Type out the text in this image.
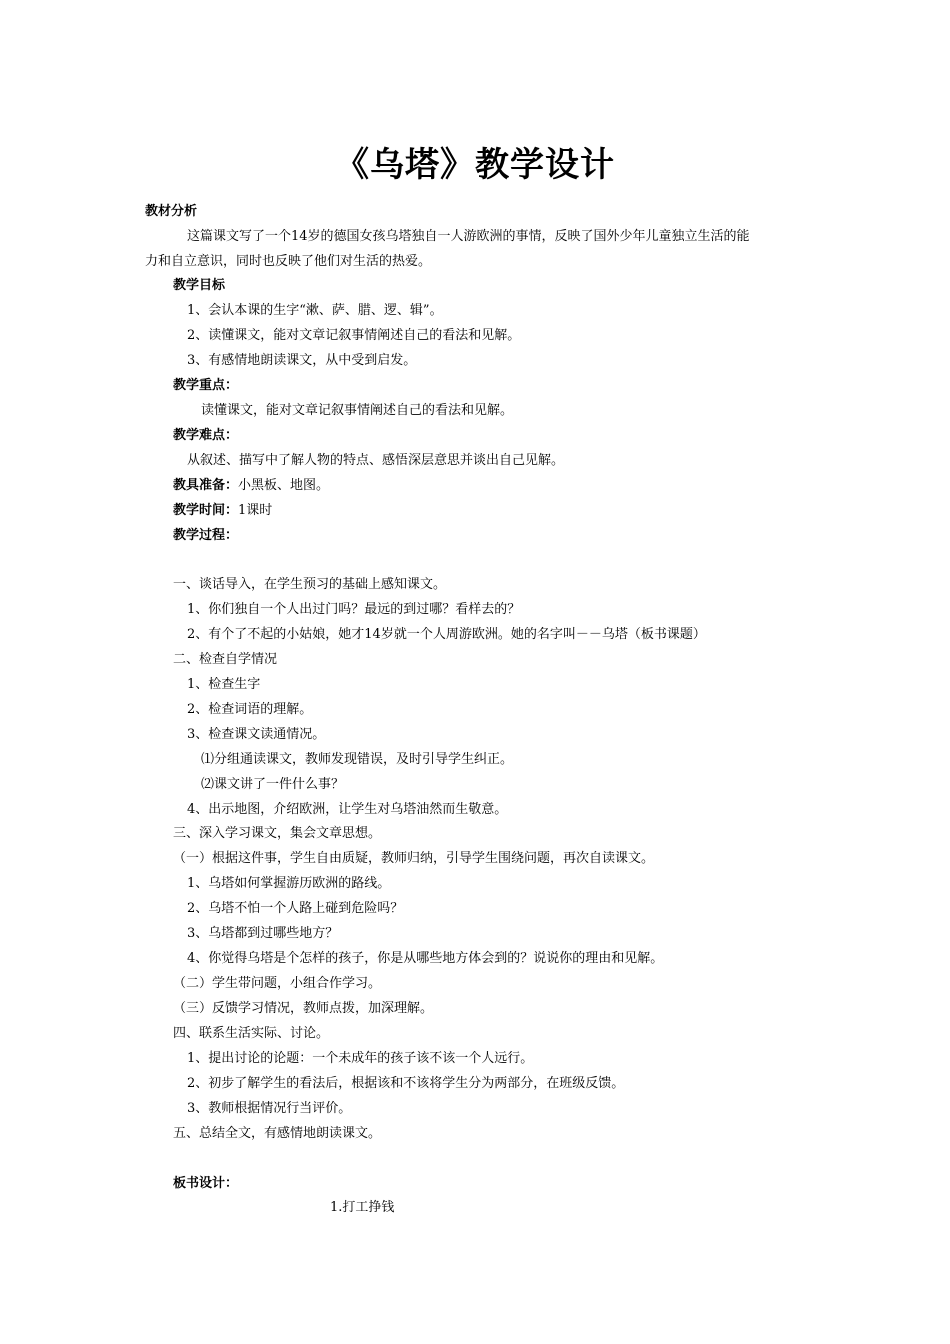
《乌塔》教学设计
教材分析
这篇课文写了一个14岁的德国女孩乌塔独自一人游欧洲的事情，反映了国外少年儿童独立生活的能
力和自立意识，同时也反映了他们对生活的热爱。
教学目标
1、会认本课的生字“漱、萨、腊、逻、辑”。
2、读懂课文，能对文章记叙事情阐述自己的看法和见解。
3、有感情地朗读课文，从中受到启发。
教学重点：
读懂课文，能对文章记叙事情阐述自己的看法和见解。
教学难点：
从叙述、描写中了解人物的特点、感悟深层意思并谈出自己见解。
教具准备：小黑板、地图。
教学时间：1课时
教学过程：
一、谈话导入，在学生预习的基础上感知课文。
1、你们独自一个人出过门吗？最远的到过哪？看样去的？
2、有个了不起的小姑娘，她才14岁就一个人周游欧洲。她的名字叫－－乌塔（板书课题）
二、检查自学情况
1、检查生字
2、检查词语的理解。
3、检查课文读通情况。
⑴分组通读课文，教师发现错误，及时引导学生纠正。
⑵课文讲了一件什么事？
4、出示地图，介绍欧洲，让学生对乌塔油然而生敬意。
三、深入学习课文，集会文章思想。
（一）根据这件事，学生自由质疑，教师归纳，引导学生围绕问题，再次自读课文。
1、乌塔如何掌握游历欧洲的路线。
2、乌塔不怕一个人路上碰到危险吗？
3、乌塔都到过哪些地方？
4、你觉得乌塔是个怎样的孩子，你是从哪些地方体会到的？说说你的理由和见解。
（二）学生带问题，小组合作学习。
（三）反馈学习情况，教师点拨，加深理解。
四、联系生活实际、讨论。
1、提出讨论的论题：一个未成年的孩子该不该一个人远行。
2、初步了解学生的看法后，根据该和不该将学生分为两部分，在班级反馈。
3、教师根据情况行当评价。
五、总结全文，有感情地朗读课文。
板书设计：
1.打工挣钱
